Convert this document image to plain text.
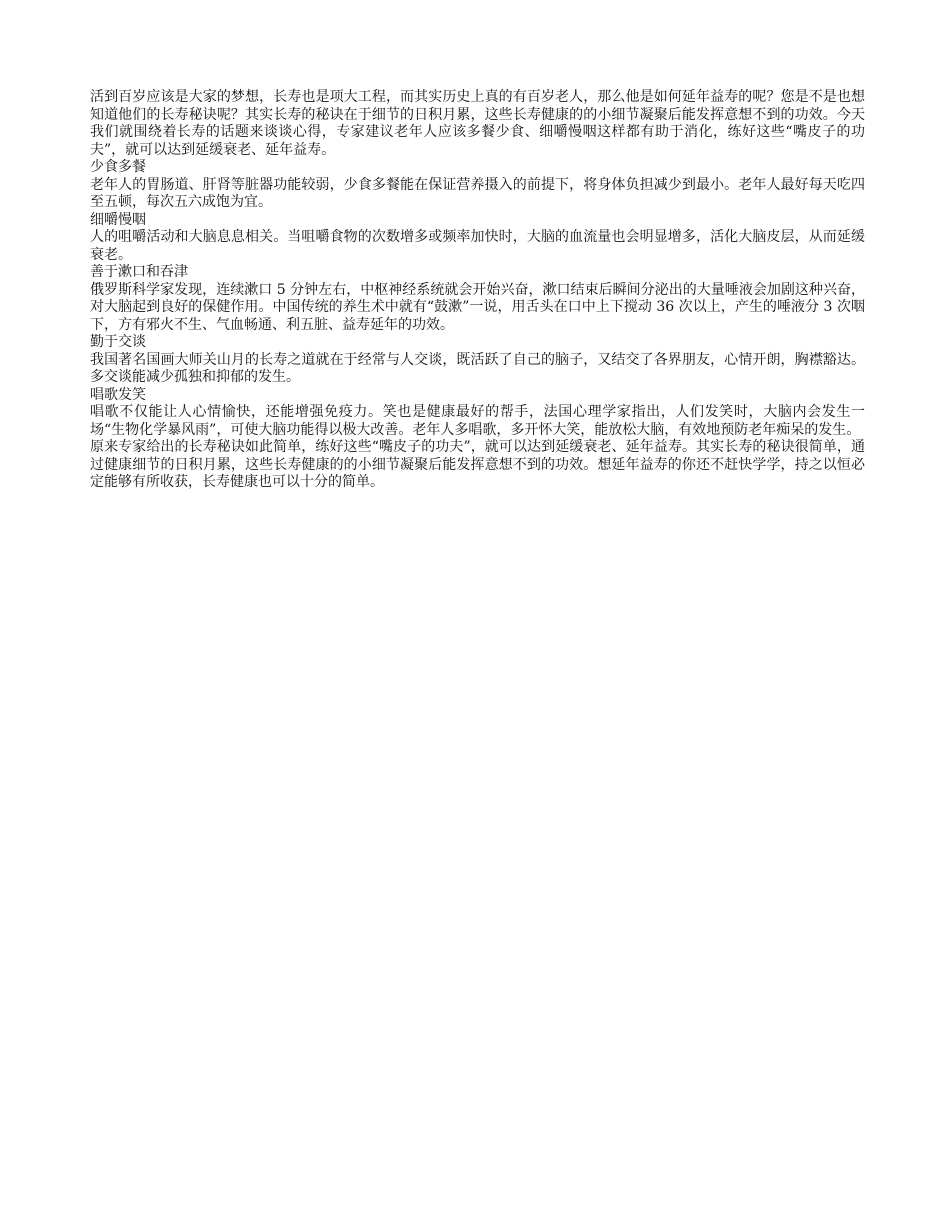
活到百岁应该是大家的梦想，长寿也是项大工程，而其实历史上真的有百岁老人，那么他是如何延年益寿的呢？您是不是也想知道他们的长寿秘诀呢？其实长寿的秘诀在于细节的日积月累，这些长寿健康的的小细节凝聚后能发挥意想不到的功效。今天我们就围绕着长寿的话题来谈谈心得，专家建议老年人应该多餐少食、细嚼慢咽这样都有助于消化，练好这些“嘴皮子的功夫”，就可以达到延缓衰老、延年益寿。

少食多餐

老年人的胃肠道、肝肾等脏器功能较弱，少食多餐能在保证营养摄入的前提下，将身体负担减少到最小。老年人最好每天吃四至五顿，每次五六成饱为宜。

细嚼慢咽

人的咀嚼活动和大脑息息相关。当咀嚼食物的次数增多或频率加快时，大脑的血流量也会明显增多，活化大脑皮层，从而延缓衰老。

善于漱口和吞津

俄罗斯科学家发现，连续漱口 5 分钟左右，中枢神经系统就会开始兴奋，漱口结束后瞬间分泌出的大量唾液会加剧这种兴奋，对大脑起到良好的保健作用。中国传统的养生术中就有“鼓漱”一说，用舌头在口中上下搅动 36 次以上，产生的唾液分 3 次咽下，方有邪火不生、气血畅通、利五脏、益寿延年的功效。

勤于交谈

我国著名国画大师关山月的长寿之道就在于经常与人交谈，既活跃了自己的脑子，又结交了各界朋友，心情开朗，胸襟豁达。多交谈能减少孤独和抑郁的发生。

唱歌发笑

唱歌不仅能让人心情愉快，还能增强免疫力。笑也是健康最好的帮手，法国心理学家指出，人们发笑时，大脑内会发生一场“生物化学暴风雨”，可使大脑功能得以极大改善。老年人多唱歌，多开怀大笑，能放松大脑，有效地预防老年痴呆的发生。

原来专家给出的长寿秘诀如此简单，练好这些“嘴皮子的功夫”，就可以达到延缓衰老、延年益寿。其实长寿的秘诀很简单，通过健康细节的日积月累，这些长寿健康的的小细节凝聚后能发挥意想不到的功效。想延年益寿的你还不赶快学学，持之以恒必定能够有所收获，长寿健康也可以十分的简单。
